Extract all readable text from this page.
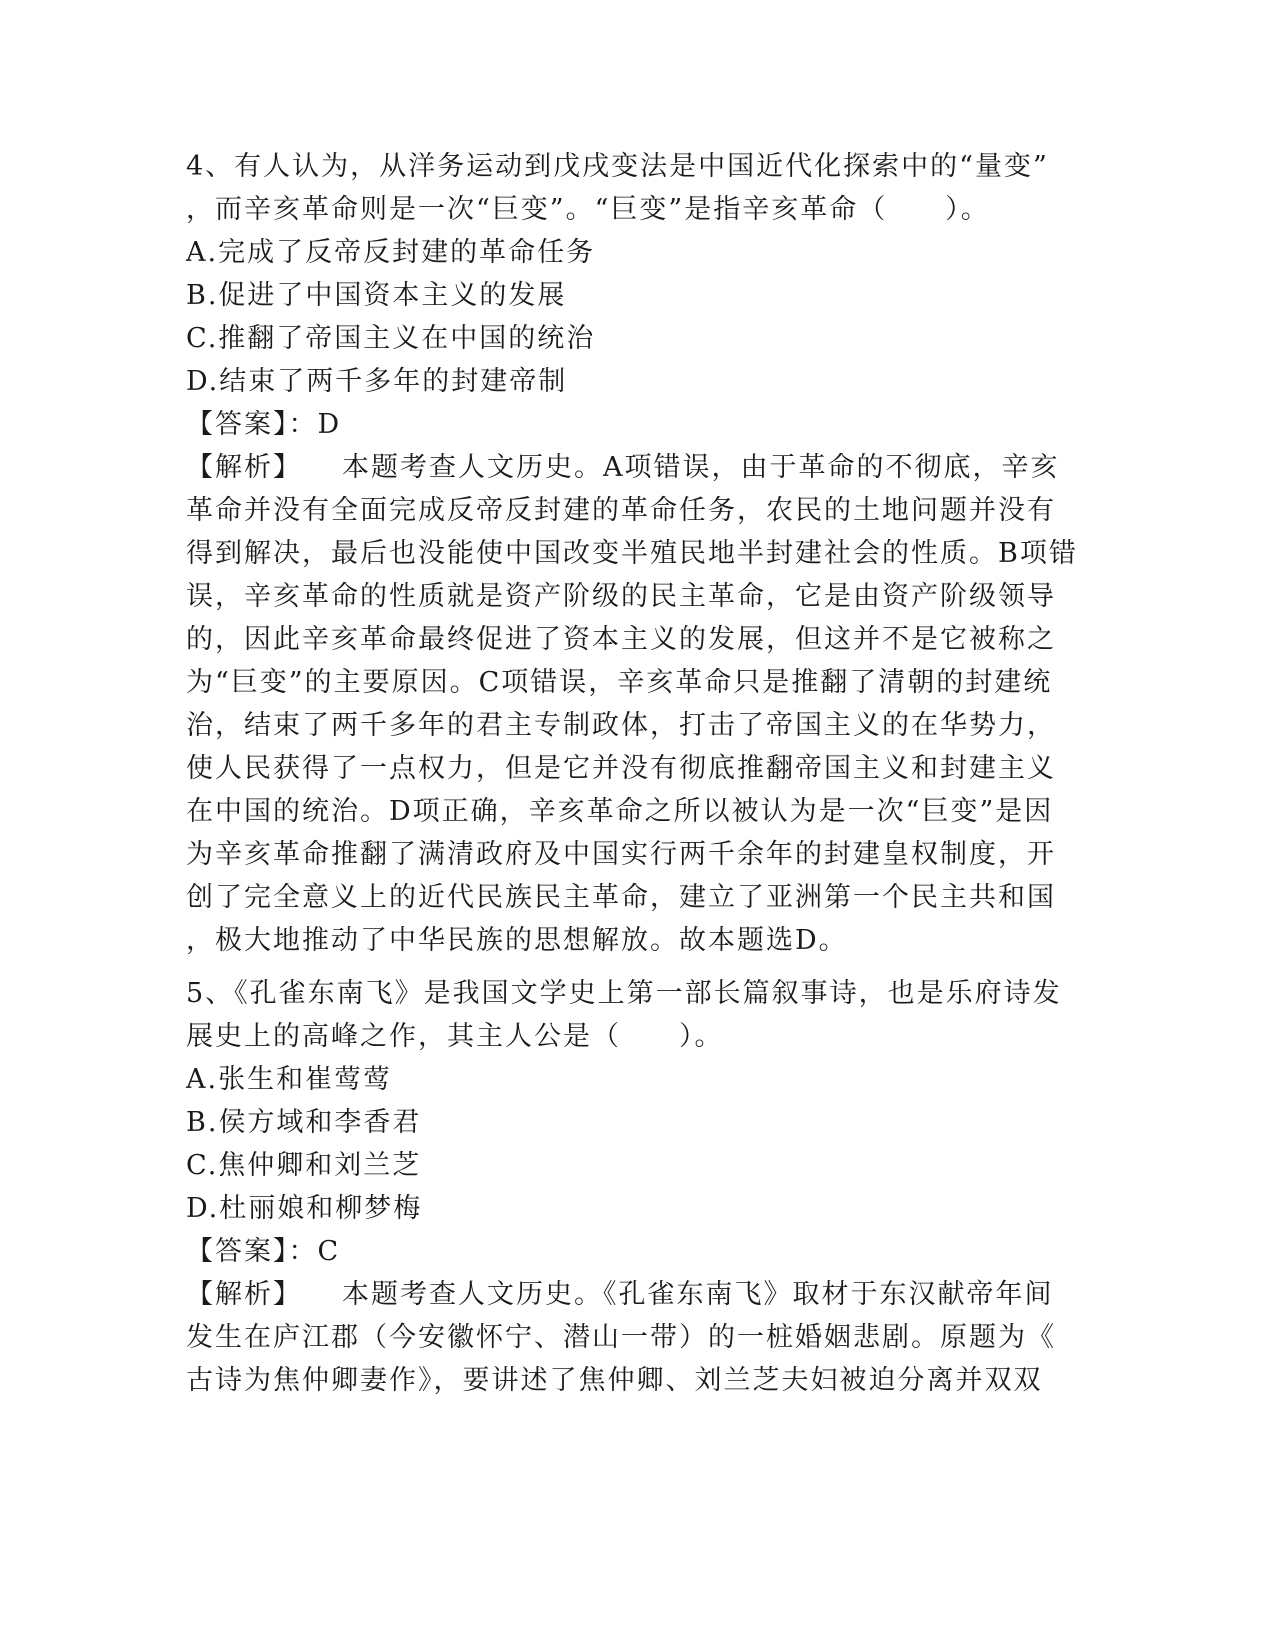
4、有人认为，从洋务运动到戊戌变法是中国近代化探索中的“量变”
，而辛亥革命则是一次“巨变”。“巨变”是指辛亥革命（　　）。
A.完成了反帝反封建的革命任务
B.促进了中国资本主义的发展
C.推翻了帝国主义在中国的统治
D.结束了两千多年的封建帝制
【答案】：D
【解析】 本题考查人文历史。A项错误，由于革命的不彻底，辛亥
革命并没有全面完成反帝反封建的革命任务，农民的土地问题并没有
得到解决，最后也没能使中国改变半殖民地半封建社会的性质。B项错
误，辛亥革命的性质就是资产阶级的民主革命，它是由资产阶级领导
的，因此辛亥革命最终促进了资本主义的发展，但这并不是它被称之
为“巨变”的主要原因。C项错误，辛亥革命只是推翻了清朝的封建统
治，结束了两千多年的君主专制政体，打击了帝国主义的在华势力，
使人民获得了一点权力，但是它并没有彻底推翻帝国主义和封建主义
在中国的统治。D项正确，辛亥革命之所以被认为是一次“巨变”是因
为辛亥革命推翻了满清政府及中国实行两千余年的封建皇权制度，开
创了完全意义上的近代民族民主革命，建立了亚洲第一个民主共和国
，极大地推动了中华民族的思想解放。故本题选D。
5、《孔雀东南飞》是我国文学史上第一部长篇叙事诗，也是乐府诗发
展史上的高峰之作，其主人公是（　　）。
A.张生和崔莺莺
B.侯方域和李香君
C.焦仲卿和刘兰芝
D.杜丽娘和柳梦梅
【答案】：C
【解析】 本题考查人文历史。《孔雀东南飞》取材于东汉献帝年间
发生在庐江郡（今安徽怀宁、潜山一带）的一桩婚姻悲剧。原题为《
古诗为焦仲卿妻作》，要讲述了焦仲卿、刘兰芝夫妇被迫分离并双双
